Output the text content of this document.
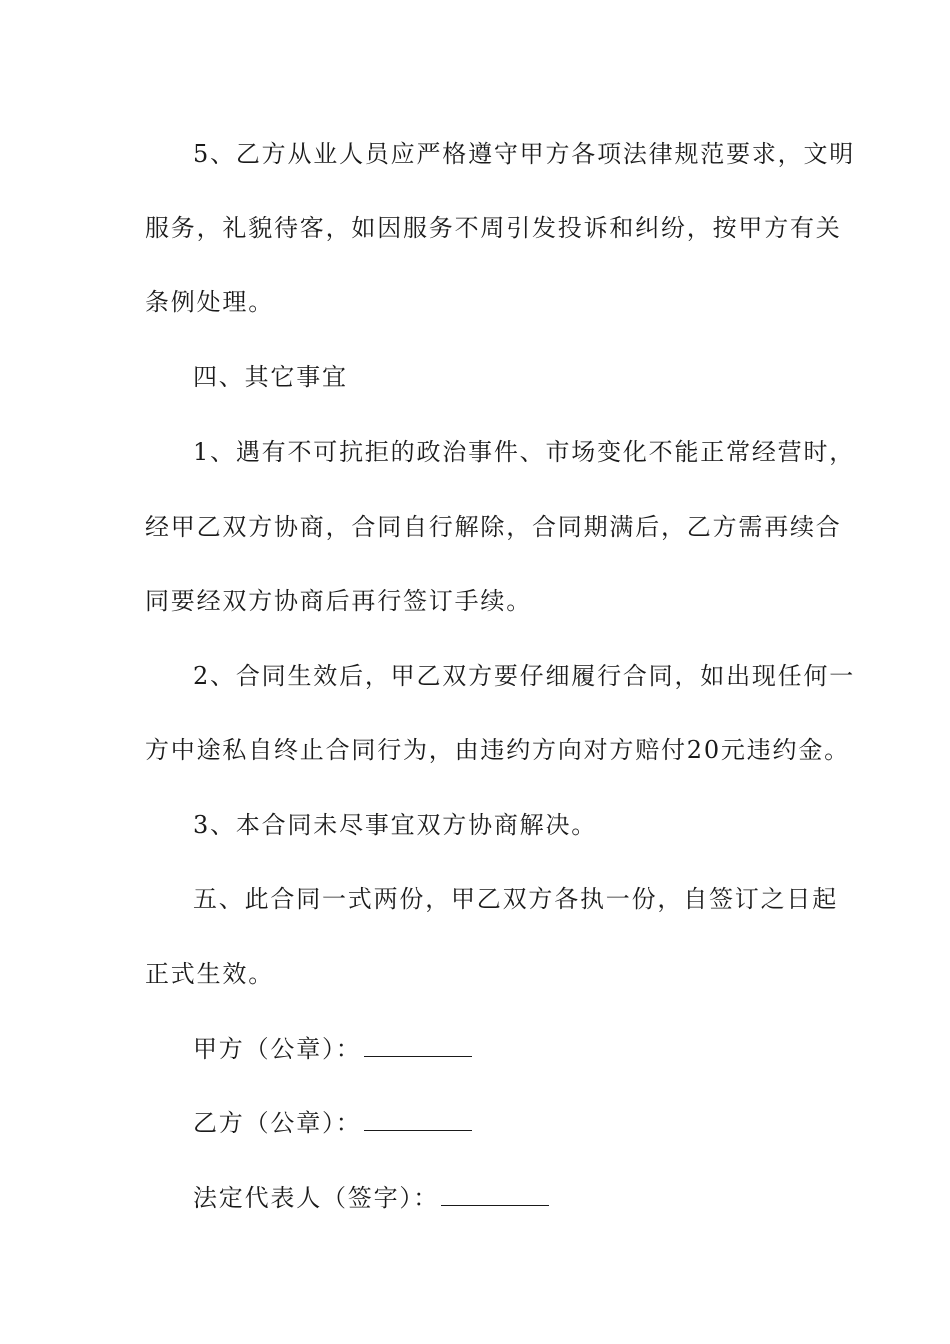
5、乙方从业人员应严格遵守甲方各项法律规范要求，文明
服务，礼貌待客，如因服务不周引发投诉和纠纷，按甲方有关
条例处理。
四、其它事宜
1、遇有不可抗拒的政治事件、市场变化不能正常经营时，
经甲乙双方协商，合同自行解除，合同期满后，乙方需再续合
同要经双方协商后再行签订手续。
2、合同生效后，甲乙双方要仔细履行合同，如出现任何一
方中途私自终止合同行为，由违约方向对方赔付20元违约金。
3、本合同未尽事宜双方协商解决。
五、此合同一式两份，甲乙双方各执一份，自签订之日起
正式生效。
甲方（公章）：
乙方（公章）：
法定代表人（签字）：
